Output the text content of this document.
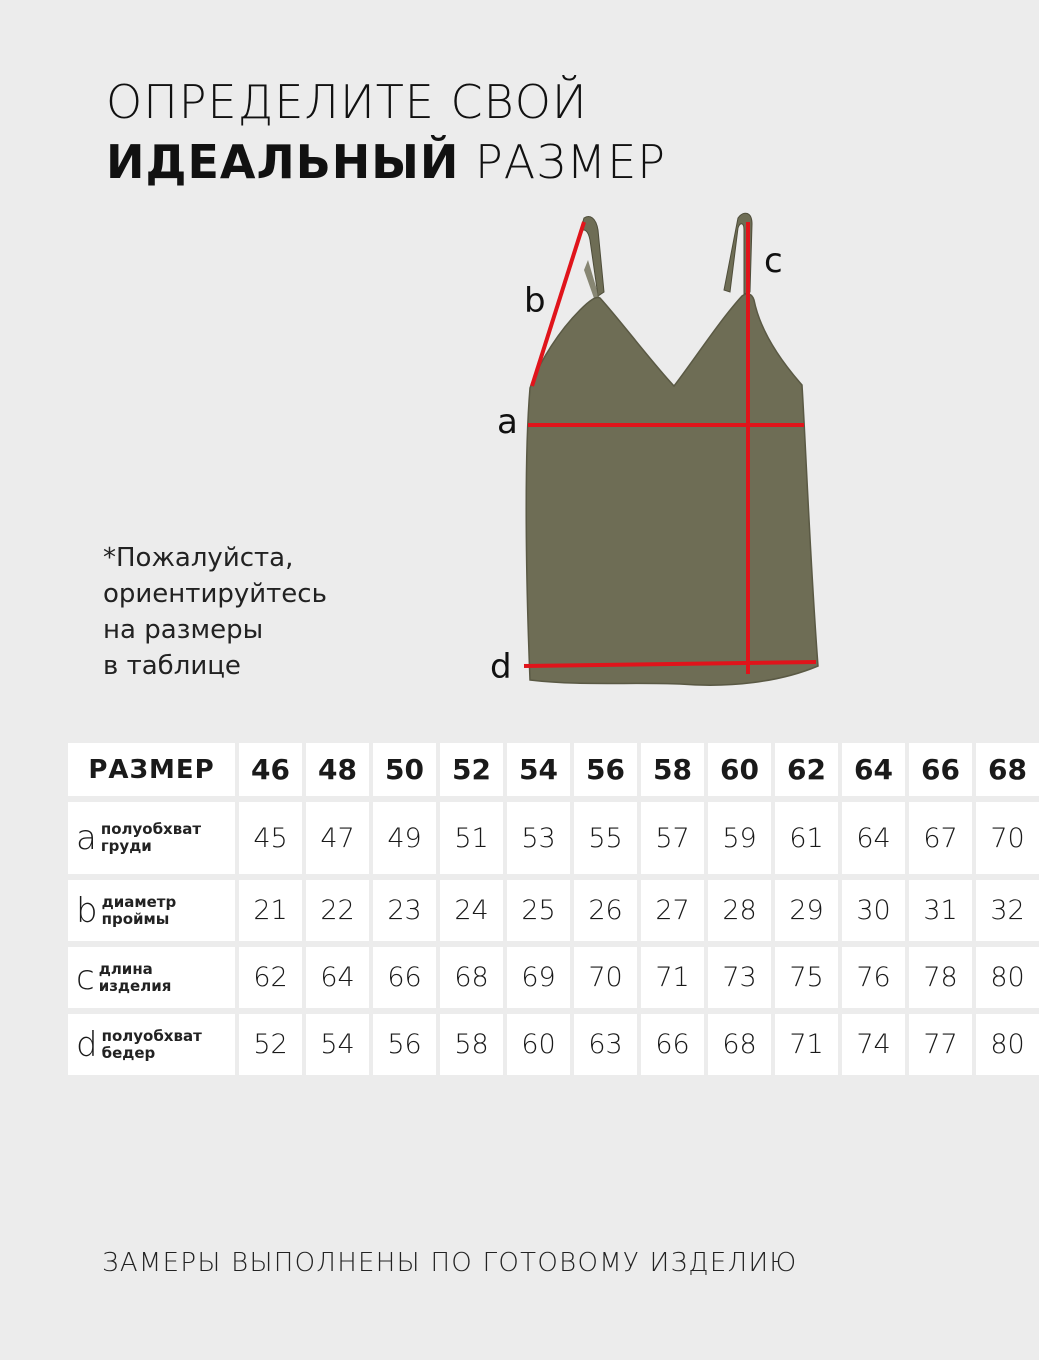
ОПРЕДЕЛИТЕ СВОЙ
ИДЕАЛЬНЫЙ РАЗМЕР
b
a
c
d
*Пожалуйста,
ориентируйтесь
на размеры
в таблице
РАЗМЕР	46	48	50	52	54	56	58	60	62	64	66	68
a полуобхват
груди	45	47	49	51	53	55	57	59	61	64	67	70
b диаметр
проймы	21	22	23	24	25	26	27	28	29	30	31	32
c длина
изделия	62	64	66	68	69	70	71	73	75	76	78	80
d полуобхват
бедер	52	54	56	58	60	63	66	68	71	74	77	80
ЗАМЕРЫ ВЫПОЛНЕНЫ ПО ГОТОВОМУ ИЗДЕЛИЮ
